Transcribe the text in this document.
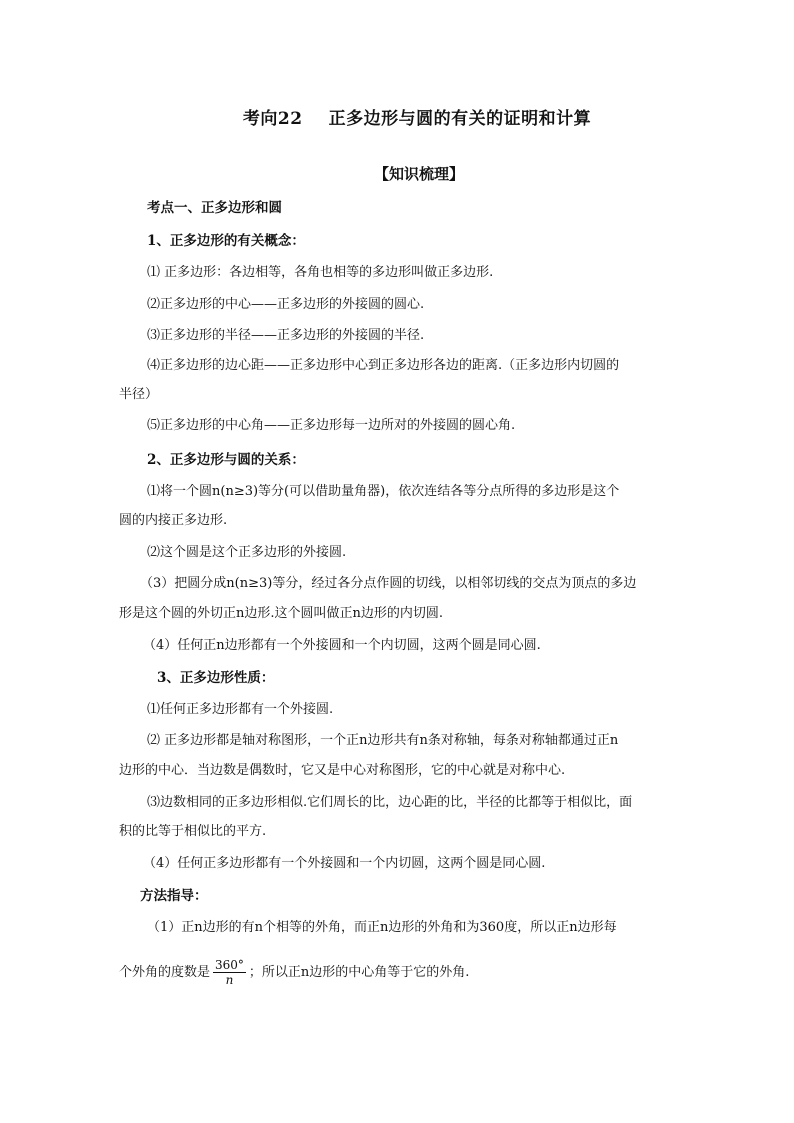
考向22 正多边形与圆的有关的证明和计算
【知识梳理】
考点一、正多边形和圆
1、正多边形的有关概念：
⑴ 正多边形：各边相等，各角也相等的多边形叫做正多边形.
⑵正多边形的中心——正多边形的外接圆的圆心.
⑶正多边形的半径——正多边形的外接圆的半径.
⑷正多边形的边心距——正多边形中心到正多边形各边的距离.（正多边形内切圆的
半径）
⑸正多边形的中心角——正多边形每一边所对的外接圆的圆心角.
2、正多边形与圆的关系：
⑴将一个圆n(n≥3)等分(可以借助量角器)，依次连结各等分点所得的多边形是这个
圆的内接正多边形.
⑵这个圆是这个正多边形的外接圆.
（3）把圆分成n(n≥3)等分，经过各分点作圆的切线，以相邻切线的交点为顶点的多边
形是这个圆的外切正n边形.这个圆叫做正n边形的内切圆.
（4）任何正n边形都有一个外接圆和一个内切圆，这两个圆是同心圆.
3、正多边形性质：
⑴任何正多边形都有一个外接圆.
⑵ 正多边形都是轴对称图形，一个正n边形共有n条对称轴，每条对称轴都通过正n
边形的中心．当边数是偶数时，它又是中心对称图形，它的中心就是对称中心.
⑶边数相同的正多边形相似.它们周长的比，边心距的比，半径的比都等于相似比，面
积的比等于相似比的平方.
（4）任何正多边形都有一个外接圆和一个内切圆，这两个圆是同心圆.
方法指导：
（1）正n边形的有n个相等的外角，而正n边形的外角和为360度，所以正n边形每
个外角的度数是 $\frac{360^\circ}{n}$ ；所以正n边形的中心角等于它的外角.
